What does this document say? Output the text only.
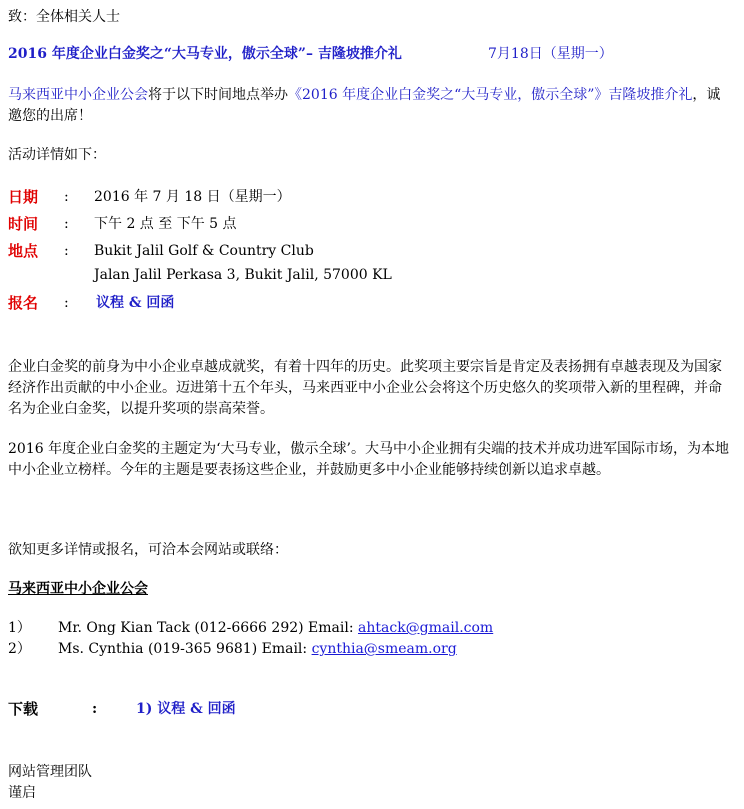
致：全体相关人士
2016 年度企业白金奖之“大马专业，傲示全球”– 吉隆坡推介礼	7月18日（星期一）
马来西亚中小企业公会将于以下时间地点举办《2016 年度企业白金奖之“大马专业，傲示全球”》吉隆坡推介礼，诚邀您的出席！
活动详情如下：
日期 : 2016 年 7 月 18 日（星期一）
时间 : 下午 2 点 至 下午 5 点
地点 : Bukit Jalil Golf & Country Club
Jalan Jalil Perkasa 3, Bukit Jalil, 57000 KL
报名 : 议程 & 回函
企业白金奖的前身为中小企业卓越成就奖，有着十四年的历史。此奖项主要宗旨是肯定及表扬拥有卓越表现及为国家经济作出贡献的中小企业。迈进第十五个年头，马来西亚中小企业公会将这个历史悠久的奖项带入新的里程碑，并命名为企业白金奖，以提升奖项的崇高荣誉。
2016 年度企业白金奖的主题定为‘大马专业，傲示全球’。大马中小企业拥有尖端的技术并成功进军国际市场，为本地中小企业立榜样。今年的主题是要表扬这些企业，并鼓励更多中小企业能够持续创新以追求卓越。
欲知更多详情或报名，可洽本会网站或联络：
马来西亚中小企业公会
1） Mr. Ong Kian Tack (012-6666 292) Email: ahtack@gmail.com
2） Ms. Cynthia (019-365 9681) Email: cynthia@smeam.org
下载	:	1) 议程 & 回函
网站管理团队
谨启
